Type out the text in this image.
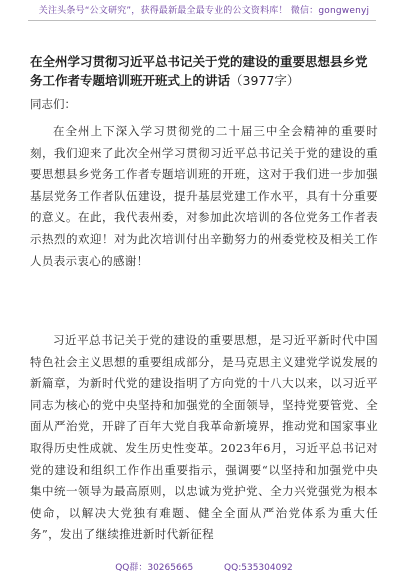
关注头条号“公文研究”，获得最新最全最专业的公文资料库！ 微信：gongwenyj
在全州学习贯彻习近平总书记关于党的建设的重要思想县乡党务工作者专题培训班开班式上的讲话（3977字）

同志们：

在全州上下深入学习贯彻党的二十届三中全会精神的重要时刻，我们迎来了此次全州学习贯彻习近平总书记关于党的建设的重要思想县乡党务工作者专题培训班的开班，这对于我们进一步加强基层党务工作者队伍建设，提升基层党建工作水平，具有十分重要的意义。在此，我代表州委，对参加此次培训的各位党务工作者表示热烈的欢迎！对为此次培训付出辛勤努力的州委党校及相关工作人员表示衷心的感谢！

习近平总书记关于党的建设的重要思想，是习近平新时代中国特色社会主义思想的重要组成部分，是马克思主义建党学说发展的新篇章，为新时代党的建设指明了方向党的十八大以来，以习近平同志为核心的党中央坚持和加强党的全面领导，坚持党要管党、全面从严治党，开辟了百年大党自我革命新境界，推动党和国家事业取得历史性成就、发生历史性变革。2023年6月，习近平总书记对党的建设和组织工作作出重要指示，强调要“以坚持和加强党中央集中统一领导为最高原则，以忠诚为党护党、全力兴党强党为根本使命，以解决大党独有难题、健全全面从严治党体系为重大任务”，发出了继续推进新时代新征程

QQ群：30265665	QQ:535304092
